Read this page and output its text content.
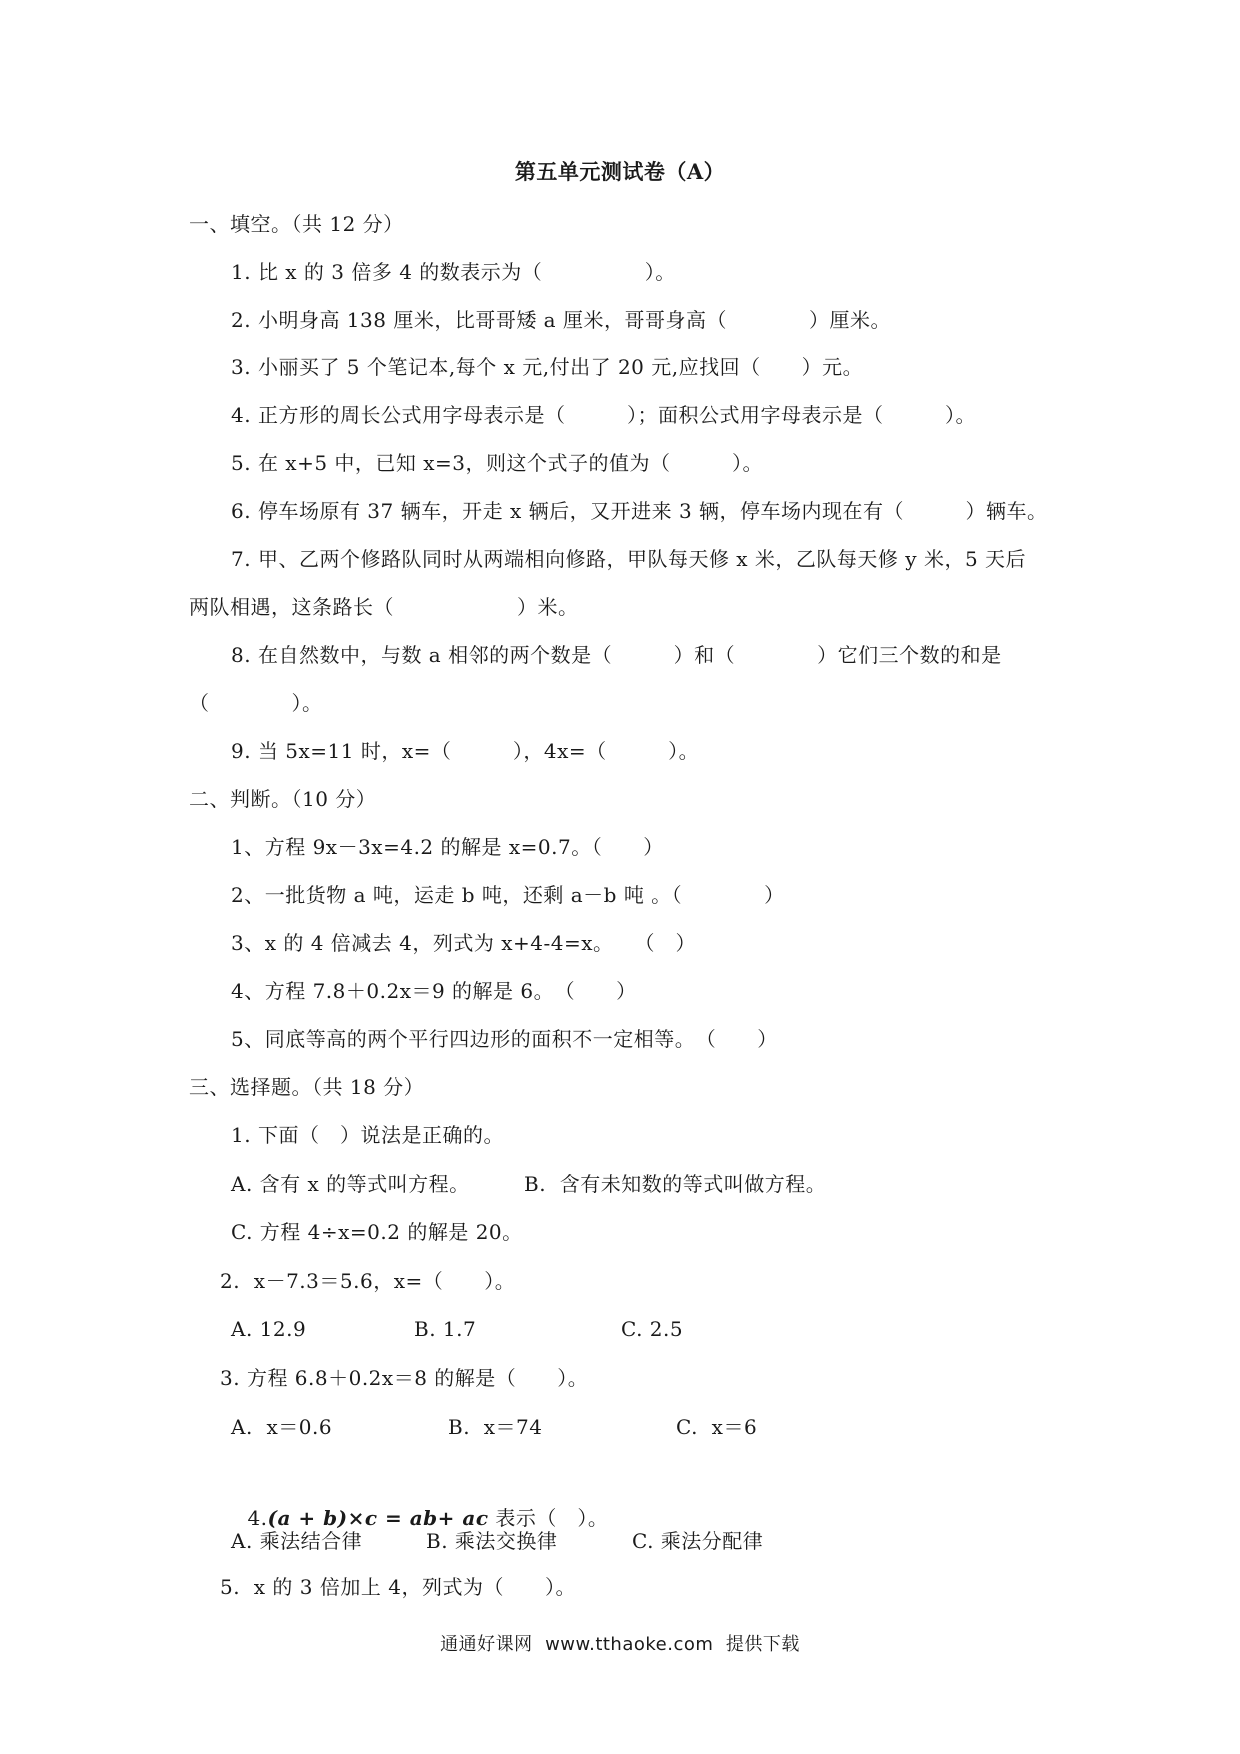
第五单元测试卷（A）
一、填空。（共 12 分）
1. 比 x 的 3 倍多 4 的数表示为（　　　　　）。
2. 小明身高 138 厘米，比哥哥矮 a 厘米，哥哥身高（　　　　）厘米。
3. 小丽买了 5 个笔记本,每个 x 元,付出了 20 元,应找回（　　）元。
4. 正方形的周长公式用字母表示是（　　　）；面积公式用字母表示是（　　　）。
5. 在 x+5 中，已知 x=3，则这个式子的值为（　　　）。
6. 停车场原有 37 辆车，开走 x 辆后，又开进来 3 辆，停车场内现在有（　　　）辆车。
7. 甲、乙两个修路队同时从两端相向修路，甲队每天修 x 米，乙队每天修 y 米，5 天后
两队相遇，这条路长（　　　　　　）米。
8. 在自然数中，与数 a 相邻的两个数是（　　　）和（　　　　）它们三个数的和是
（　　　　）。
9. 当 5x=11 时，x=（　　　），4x=（　　　）。
二、判断。（10 分）
1、方程 9x－3x=4.2 的解是 x=0.7。（　　）
2、一批货物 a 吨，运走 b 吨，还剩 a－b 吨 。（　　　　）
3、x 的 4 倍减去 4，列式为 x+4-4=x。　　（　）
4、方程 7.8＋0.2x＝9 的解是 6。　（　　）
5、同底等高的两个平行四边形的面积不一定相等。　（　　）
三、选择题。（共 18 分）
1. 下面（　）说法是正确的。

A. 含有 x 的等式叫方程。

	B.  含有未知数的等式叫做方程。

C. 方程 4÷x=0.2 的解是 20。
2.  x－7.3＝5.6，x=（　　）。

A. 12.9

	B. 1.7

	C. 2.5

3. 方程 6.8＋0.2x＝8 的解是（　　）。

A.  x＝0.6

	B.  x＝74

	C.  x＝6

4.(a + b)×c = ab+ ac 表示（　）。

A. 乘法结合律

	B. 乘法交换律

	C. 乘法分配律

5.  x 的 3 倍加上 4，列式为（　　）。
通通好课网  www.tthaoke.com  提供下载
